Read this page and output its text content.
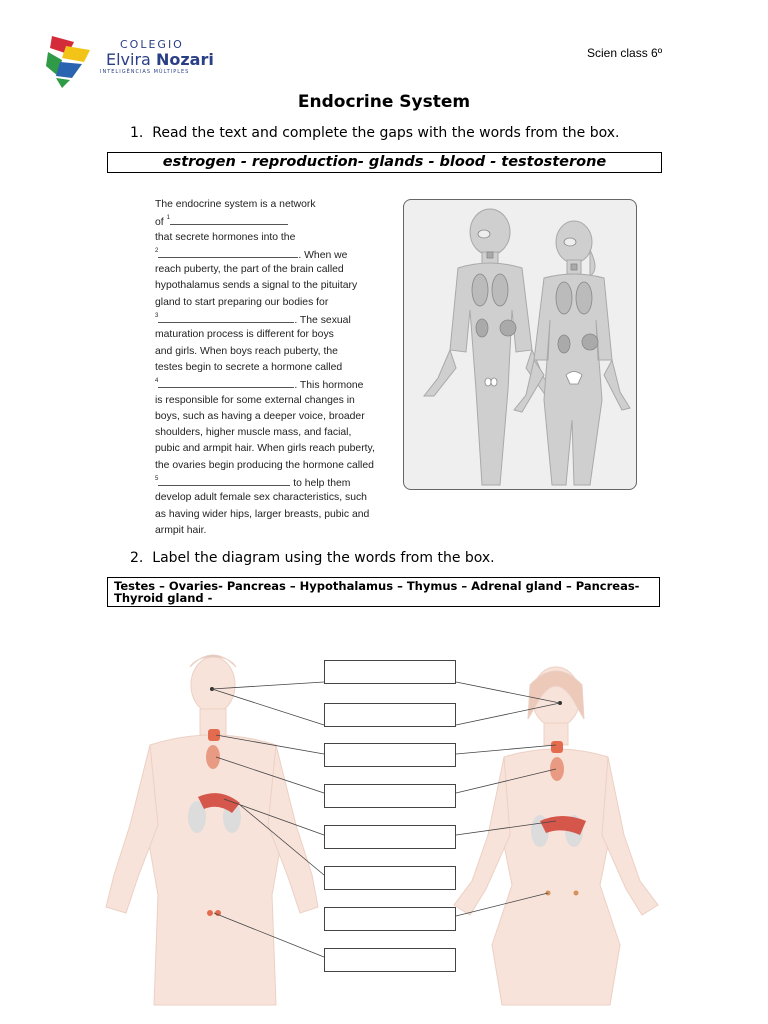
COLEGIO
Elvira Nozari
INTELIGÊNCIAS MÚLTIPLES
Scien class 6º
Endocrine System
1. Read the text and complete the gaps with the words from the box.
estrogen - reproduction- glands - blood - testosterone
The endocrine system is a network
of $^1$
that secrete hormones into the
$^2$	. When we
reach puberty, the part of the brain called
hypothalamus sends a signal to the pituitary
gland to start preparing our bodies for
$^3$	. The sexual
maturation process is different for boys
and girls. When boys reach puberty, the
testes begin to secrete a hormone called
$^4$	. This hormone
is responsible for some external changes in
boys, such as having a deeper voice, broader
shoulders, higher muscle mass, and facial,
pubic and armpit hair. When girls reach puberty,
the ovaries begin producing the hormone called
$^5$	to help them
develop adult female sex characteristics, such
as having wider hips, larger breasts, pubic and
armpit hair.
2. Label the diagram using the words from the box.
Testes – Ovaries- Pancreas – Hypothalamus – Thymus – Adrenal gland – Pancreas-
Thyroid gland -
